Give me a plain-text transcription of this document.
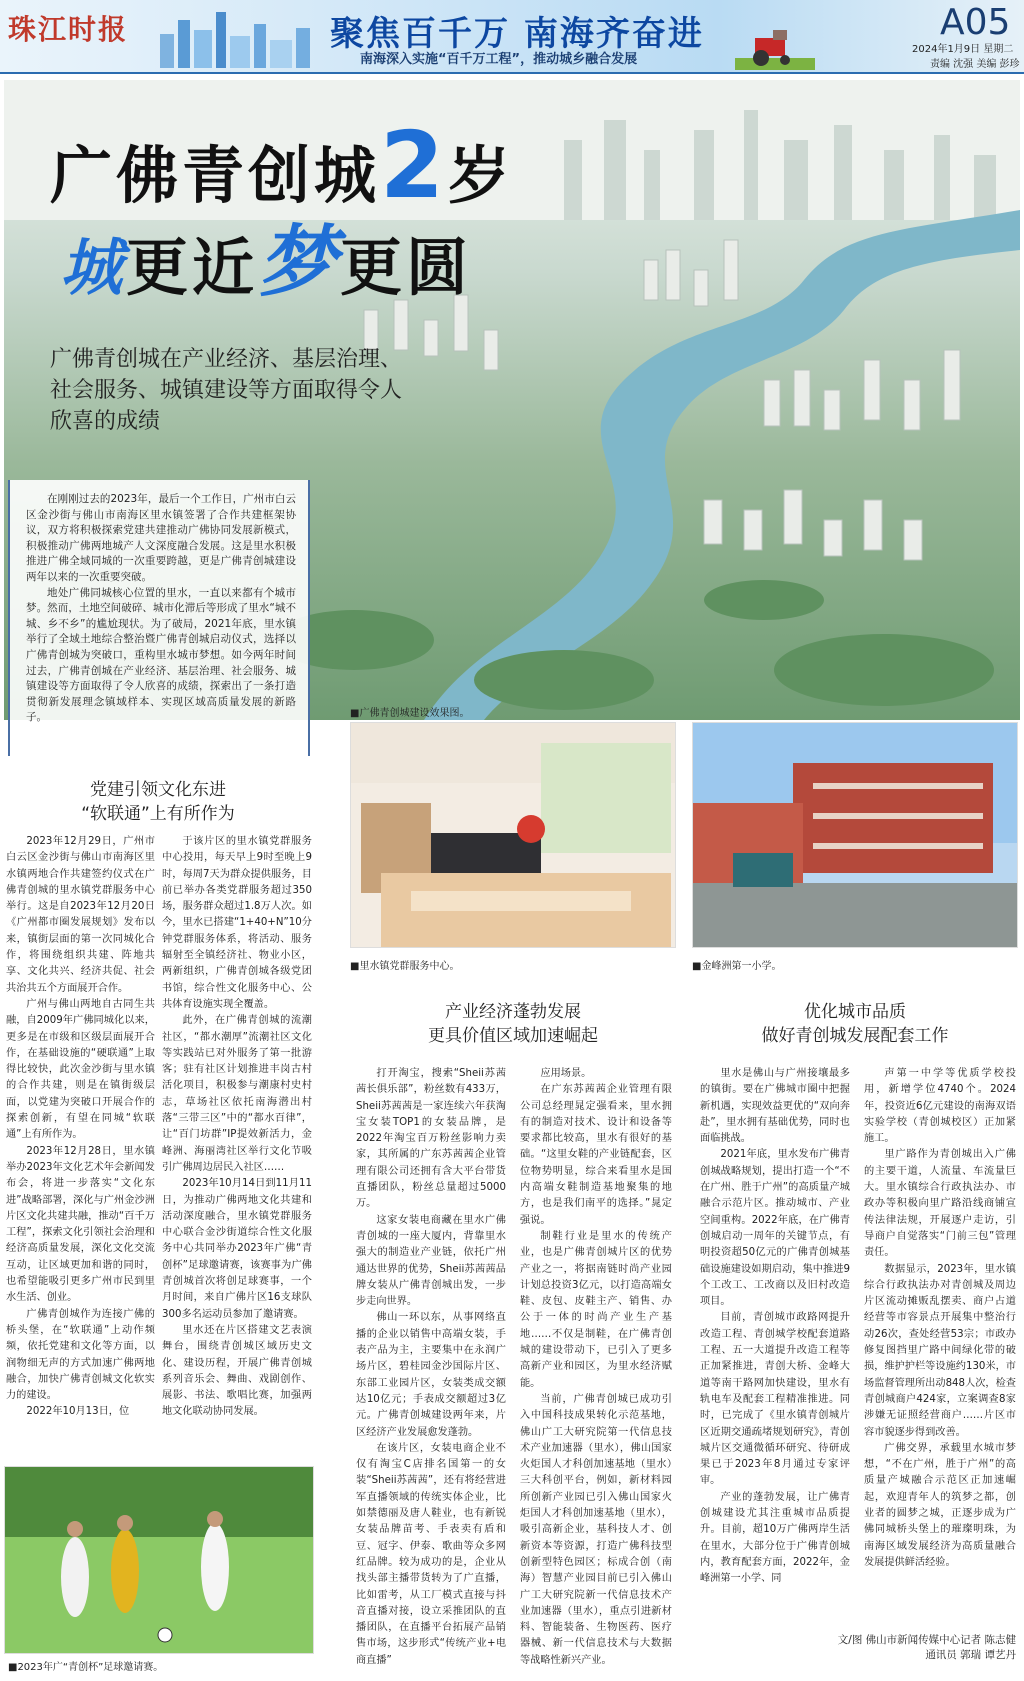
珠江时报	聚焦百千万 南海齐奋进
南海深入实施“百千万工程”，推动城乡融合发展
A05
2024年1月9日 星期二
责编 沈强 美编 彭珍
广佛青创城2岁
城更近梦更圆
广佛青创城在产业经济、基层治理、社会服务、城镇建设等方面取得令人欣喜的成绩

在刚刚过去的2023年，最后一个工作日，广州市白云区金沙街与佛山市南海区里水镇签署了合作共建框架协议，双方将积极探索党建共建推动广佛协同发展新模式，积极推动广佛两地城产人文深度融合发展。这是里水积极推进广佛全域同城的一次重要跨越，更是广佛青创城建设两年以来的一次重要突破。

地处广佛同城核心位置的里水，一直以来都有个城市梦。然而，土地空间破碎、城市化滞后等形成了里水“城不城、乡不乡”的尴尬现状。为了破局，2021年底，里水镇举行了全域土地综合整治暨广佛青创城启动仪式，选择以广佛青创城为突破口，重构里水城市梦想。如今两年时间过去，广佛青创城在产业经济、基层治理、社会服务、城镇建设等方面取得了令人欣喜的成绩，探索出了一条打造贯彻新发展理念镇域样本、实现区域高质量发展的新路子。	■广佛青创城建设效果图。
■里水镇党群服务中心。	■金峰洲第一小学。
党建引领文化东进
“软联通”上有所作为

2023年12月29日，广州市白云区金沙街与佛山市南海区里水镇两地合作共建签约仪式在广佛青创城的里水镇党群服务中心举行。这是自2023年12月20日《广州都市圈发展规划》发布以来，镇街层面的第一次同城化合作，将围绕组织共建、阵地共享、文化共兴、经济共促、社会共治共五个方面展开合作。

广州与佛山两地自古同生共融，自2009年广佛同城化以来，更多是在市级和区级层面展开合作，在基础设施的“硬联通”上取得比较快，此次金沙街与里水镇的合作共建，则是在镇街级层面，以党建为突破口开展合作的探索创新，有望在同城“软联通”上有所作为。

2023年12月28日，里水镇举办2023年文化艺术年会新闻发布会，将进一步落实“文化东进”战略部署，深化与广州金沙洲片区文化共建共融，推动“百千万工程”，探索文化引领社会治理和经济高质量发展，深化文化交流互动，让区域更加和谐的同时，也希望能吸引更多广州市民到里水生活、创业。

广佛青创城作为连接广佛的桥头堡，在“软联通”上动作频频，依托党建和文化等方面，以润物细无声的方式加速广佛两地融合，加快广佛青创城文化软实力的建设。

2022年10月13日，位

于该片区的里水镇党群服务中心投用，每天早上9时至晚上9时，每周7天为群众提供服务，目前已举办各类党群服务超过350场，服务群众超过1.8万人次。如今，里水已搭建“1+40+N”10分钟党群服务体系，将活动、服务辐射至全镇经济社、物业小区，两新组织，广佛青创城各级党团书馆，综合性文化服务中心、公共体育设施实现全覆盖。

此外，在广佛青创城的流潮社区，“都水潮厚”流潮社区文化等实践站已对外服务了第一批游客；驻有社区计划推进丰岗古村活化项目，积极参与潮康村史村志，草场社区依托南海潜出村落“三带三区”中的“都水百律”，让“百门坊群”IP提效新活力，金峰洲、海丽湾社区举行文化节吸引广佛周边居民入社区……

2023年10月14日到11月11日，为推动广佛两地文化共建和活动深度融合，里水镇党群服务中心联合金沙街道综合性文化服务中心共同举办2023年广佛“青创杯”足球邀请赛，该赛事为广佛青创城首次将创足球赛事，一个月时间，来自广佛片区16支球队300多名运动员参加了邀请赛。

里水还在片区搭建文艺表演舞台，围绕青创城区域历史文化、建设历程，开展广佛青创城系列音乐会、舞曲、戏剧创作、展影、书法、歌唱比赛，加强两地文化联动协同发展。

■2023年广“青创杯”足球邀请赛。
产业经济蓬勃发展
更具价值区域加速崛起

打开淘宝，搜索“Sheii苏茜茜长俱乐部”，粉丝数有433万，Sheii苏茜茜是一家连续六年获淘宝女装TOP1的女装品牌，是2022年淘宝百万粉丝影响力卖家，其所属的广东苏茜茜企业管理有限公司还拥有含大平台带货直播团队，粉丝总量超过5000万。

这家女装电商藏在里水广佛青创城的一座大厦内，背靠里水强大的制造业产业链，依托广州通达世界的优势，Sheii苏茜茜品牌女装从广佛青创城出发，一步步走向世界。

佛山一环以东，从事网络直播的企业以销售中高端女装，手表产品为主，主要集中在永润广场片区，碧桂园金沙国际片区、东部工业园片区，女装类成交额达10亿元；手表成交额超过3亿元。广佛青创城建设两年来，片区经济产业发展愈发蓬勃。

在该片区，女装电商企业不仅有淘宝C店排名国第一的女装“Sheii苏茜茜”，还有将经营进军直播领域的传统实体企业，比如禁德丽及唐人鞋业，也有新锐女装品牌苗考、手表卖有盾和豆、冠字、伊泰、歌曲等众多网红品牌。较为成功的是，企业从找头部主播带货转为了广直播，比如雷考，从工厂模式直接与抖音直播对接，设立采推团队的直播团队，在直播平台拓展产品销售市场，这步形式“传统产业+电商直播”

应用场景。

在广东苏茜茜企业管理有限公司总经理晁定强看来，里水拥有的制造对技术、设计和设备等要求都比较高，里水有很好的基础。“这里女鞋的产业链配套，区位物势明显，综合来看里水是国内高端女鞋制造基地聚集的地方，也是我们南平的选择。”晁定强说。

制鞋行业是里水的传统产业，也是广佛青创城片区的优势产业之一，将据南链时尚产业园计划总投资3亿元，以打造高端女鞋、皮包、皮鞋主产、销售、办公于一体的时尚产业生产基地……不仅是制鞋，在广佛青创城的建设带动下，已引入了更多高新产业和园区，为里水经济赋能。

当前，广佛青创城已成功引入中国科技成果转化示范基地，佛山广工大研究院第一代信息技术产业加速器（里水），佛山国家火炬国人才科创加速基地（里水）三大科创平台，例如，新材料园所创新产业园已引入佛山国家火炬国人才科创加速基地（里水），吸引高新企业，基科技人才、创新资本等资源，打造广佛科技型创新型特色园区；标成合创（南海）智慧产业园目前已引入佛山广工大研究院新一代信息技术产业加速器（里水），重点引进新材料、智能装备、生物医药、医疗器械、新一代信息技术与大数据等战略性新兴产业。

优化城市品质
做好青创城发展配套工作

里水是佛山与广州接壤最多的镇街。要在广佛城市圈中把握新机遇，实现效益更优的“双向奔赴”，里水拥有基础优势，同时也面临挑战。

2021年底，里水发布广佛青创城战略规划，提出打造一个“不在广州、胜于广州”的高质量产城融合示范片区。推动城市、产业空间重构。2022年底，在广佛青创城启动一周年的关键节点，有明投资超50亿元的广佛青创城基础设施建设如期启动，集中推进9个工改工、工改商以及旧村改造项目。

目前，青创城市政路网提升改造工程、青创城学校配套道路工程、五一大道提升改造工程等正加紧推进，青创大桥、金峰大道等南干路网加快建设，里水有轨电车及配套工程精准推进。同时，已完成了《里水镇青创城片区近期交通疏堵规划研究》，青创城片区交通微循环研究、待研成果已于2023年8月通过专家评审。

产业的蓬勃发展，让广佛青创城建设尤其注重城市品质提升。目前，超10万广佛两岸生活在里水，大部分位于广佛青创城内，教育配套方面，2022年，金峰洲第一小学、同

声第一中学等优质学校投用，新增学位4740个。2024年，投资近6亿元建设的南海双语实验学校（青创城校区）正加紧施工。

里广路作为青创城出入广佛的主要干道，人流量、车流量巨大。里水镇综合行政执法办、市政办等积极向里广路沿线商铺宣传法律法规，开展逐户走访，引导商户自觉落实“门前三包”管理责任。

数据显示，2023年，里水镇综合行政执法办对青创城及周边片区流动摊贩乱摆卖、商户占道经营等市容景点开展集中整治行动26次，查处经营53宗；市政办修复图挡里广路中间绿化带的破损，维护护栏等设施约130米，市场监督管理所出动848人次，检查青创城商户424家，立案调查8家涉嫌无证照经营商户……片区市容市貌逐步得到改善。

广佛交界，承载里水城市梦想，“不在广州，胜于广州”的高质量产城融合示范区正加速崛起，欢迎青年人的筑梦之都，创业者的圆梦之城，正逐步成为广佛同城桥头堡上的璀璨明珠，为南海区域发展经济为高质量融合发展提供鲜活经验。

文/图 佛山市新闻传媒中心记者 陈志健
通讯员 郭瑞 谭艺丹
